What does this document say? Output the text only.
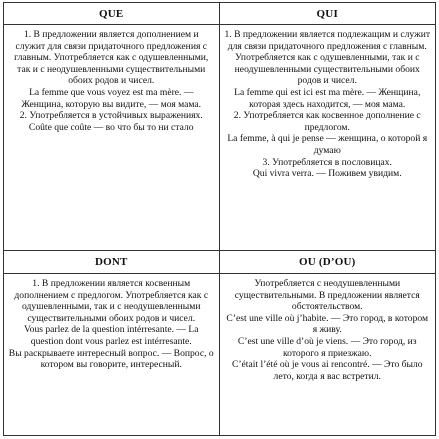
QUE	QUI

1. В предложении является дополнением и служит для связи придаточного предложения с главным. Употребляется как с одушевленными, так и с неодушевленными существительными обоих родов и чисел.

La femme que vous voyez est ma mère. — Женщина, которую вы видите, — моя мама.

2. Употребляется в устойчивых выражениях.

Coûte que coûte — во что бы то ни стало

1. В предложении является подлежащим и служит для связи придаточного предложения с главным. Употребляется как с одушевленными, так и с неодушевленными существительными обоих родов и чисел.

La femme qui est ici est ma mère. — Женщина, которая здесь находится, — моя мама.

2. Употребляется как косвенное дополнение с предлогом.

La femme, à qui je pense — женщина, о которой я думаю

3. Употребляется в пословицах.

Qui vivra verra. — Поживем увидим.

DONT	OU (D’OU)

1. В предложении является косвенным дополнением с предлогом. Употребляется как с одушевленными, так и с неодушевленными существительными обоих родов и чисел.

Vous parlez de la question intérresante. — La question dont vous parlez est intérresante.

Вы раскрываете интересный вопрос. — Вопрос, о котором вы говорите, интересный.

Употребляется с неодушевленными существительными. В предложении является обстоятельством.

C’est une ville où j’habite. — Это город, в котором я живу.

C’est une ville d’où je viens. — Это город, из которого я приезжаю.

C’était l’été où je vous ai rencontré. — Это было лето, когда я вас встретил.
